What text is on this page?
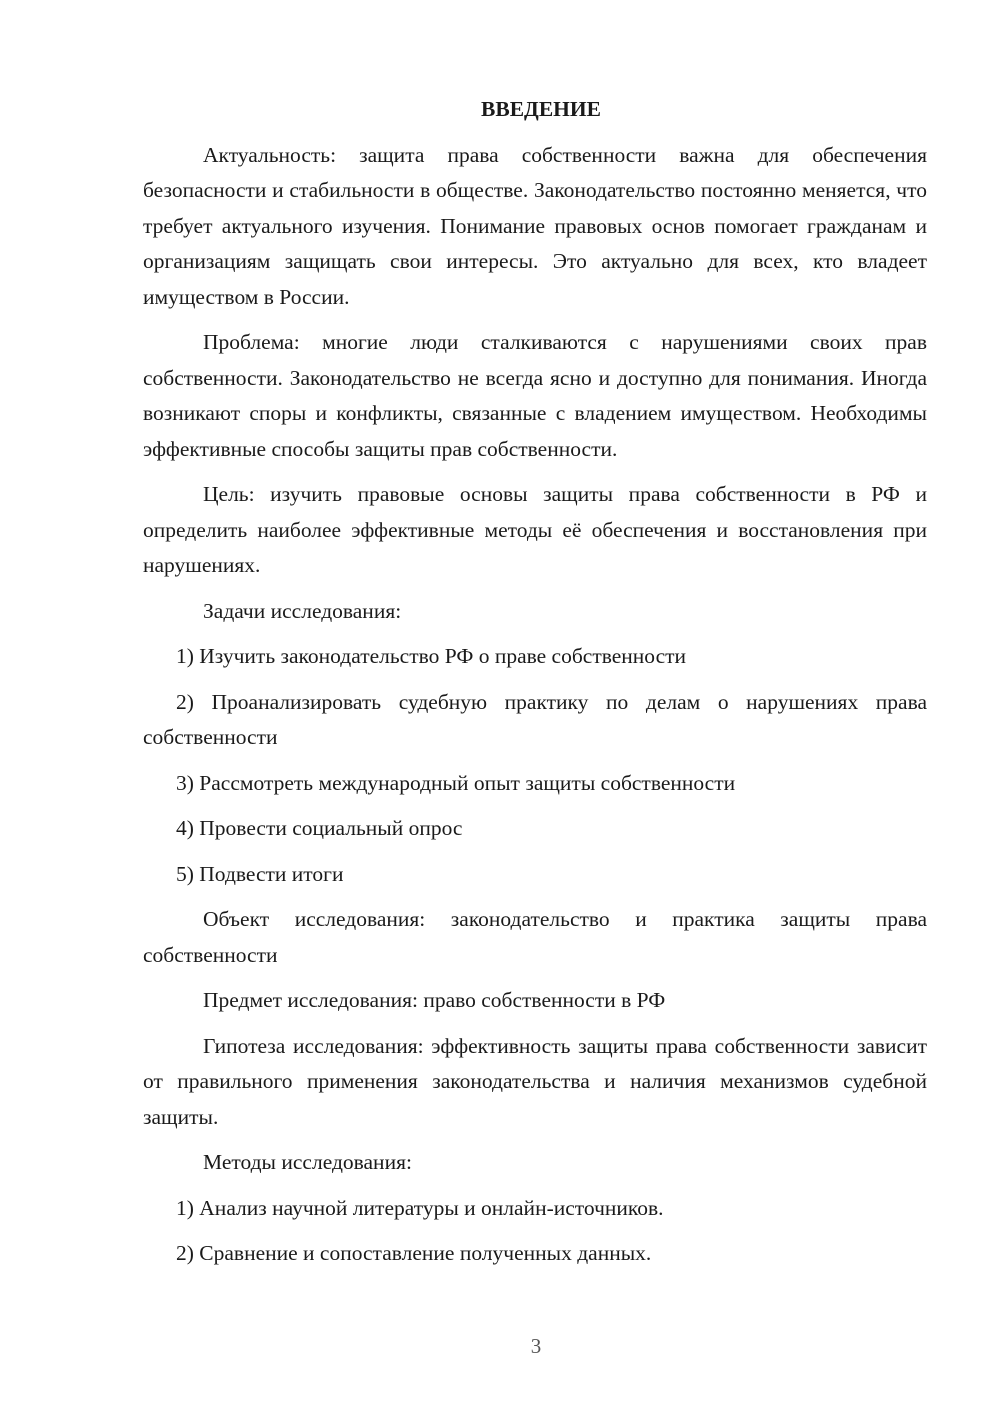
ВВЕДЕНИЕ
Актуальность: защита права собственности важна для обеспечения безопасности и стабильности в обществе. Законодательство постоянно меняется, что требует актуального изучения. Понимание правовых основ помогает гражданам и организациям защищать свои интересы. Это актуально для всех, кто владеет имуществом в России.
Проблема: многие люди сталкиваются с нарушениями своих прав собственности. Законодательство не всегда ясно и доступно для понимания. Иногда возникают споры и конфликты, связанные с владением имуществом. Необходимы эффективные способы защиты прав собственности.
Цель: изучить правовые основы защиты права собственности в РФ и определить наиболее эффективные методы её обеспечения и восстановления при нарушениях.
Задачи исследования:
1) Изучить законодательство РФ о праве собственности
2) Проанализировать судебную практику по делам о нарушениях права собственности
3) Рассмотреть международный опыт защиты собственности
4) Провести социальный опрос
5) Подвести итоги
Объект исследования: законодательство и практика защиты права собственности
Предмет исследования: право собственности в РФ
Гипотеза исследования: эффективность защиты права собственности зависит от правильного применения законодательства и наличия механизмов судебной защиты.
Методы исследования:
1) Анализ научной литературы и онлайн-источников.
2) Сравнение и сопоставление полученных данных.
3
